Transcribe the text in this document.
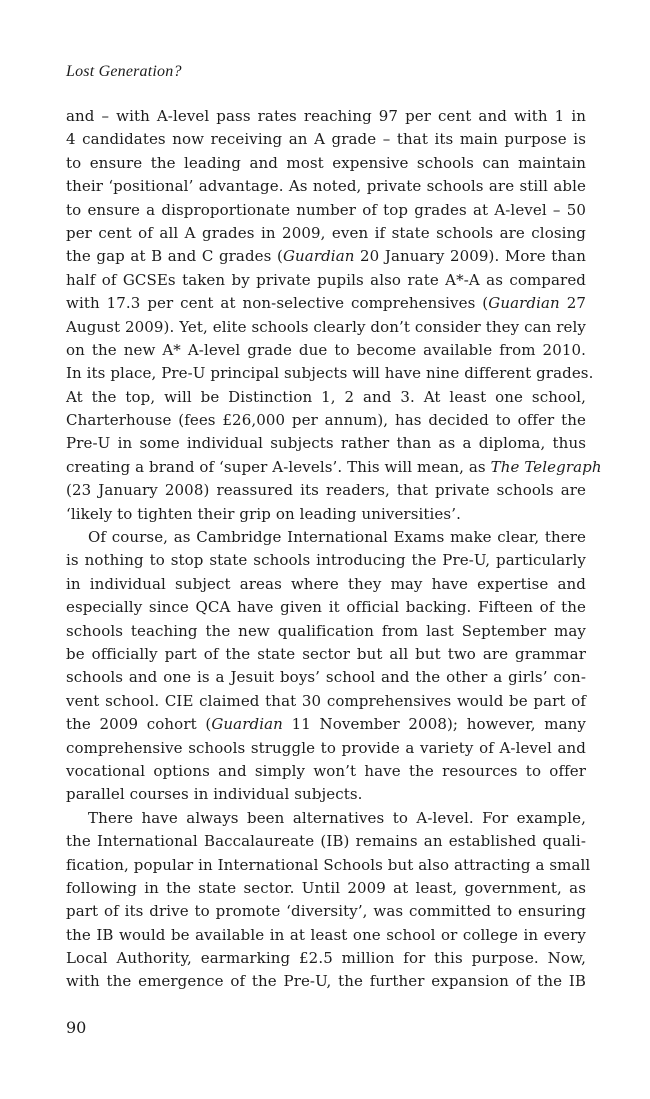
Lost Generation?
and – with A-level pass rates reaching 97 per cent and with 1 in
4 candidates now receiving an A grade – that its main purpose is
to ensure the leading and most expensive schools can maintain
their ‘positional’ advantage. As noted, private schools are still able
to ensure a disproportionate number of top grades at A-level – 50
per cent of all A grades in 2009, even if state schools are closing
the gap at B and C grades (Guardian 20 January 2009). More than
half of GCSEs taken by private pupils also rate A*-A as compared
with 17.3 per cent at non-selective comprehensives (Guardian 27
August 2009). Yet, elite schools clearly don’t consider they can rely
on the new A* A-level grade due to become available from 2010.
In its place, Pre-U principal subjects will have nine different grades.
At the top, will be Distinction 1, 2 and 3. At least one school,
Charterhouse (fees £26,000 per annum), has decided to offer the
Pre-U in some individual subjects rather than as a diploma, thus
creating a brand of ‘super A-levels’. This will mean, as The Telegraph
(23 January 2008) reassured its readers, that private schools are
‘likely to tighten their grip on leading universities’.
Of course, as Cambridge International Exams make clear, there
is nothing to stop state schools introducing the Pre-U, particularly
in individual subject areas where they may have expertise and
especially since QCA have given it official backing. Fifteen of the
schools teaching the new qualification from last September may
be officially part of the state sector but all but two are grammar
schools and one is a Jesuit boys’ school and the other a girls’ con-
vent school. CIE claimed that 30 comprehensives would be part of
the 2009 cohort (Guardian 11 November 2008); however, many
comprehensive schools struggle to provide a variety of A-level and
vocational options and simply won’t have the resources to offer
parallel courses in individual subjects.
There have always been alternatives to A-level. For example,
the International Baccalaureate (IB) remains an established quali-
fication, popular in International Schools but also attracting a small
following in the state sector. Until 2009 at least, government, as
part of its drive to promote ‘diversity’, was committed to ensuring
the IB would be available in at least one school or college in every
Local Authority, earmarking £2.5 million for this purpose. Now,
with the emergence of the Pre-U, the further expansion of the IB
90
